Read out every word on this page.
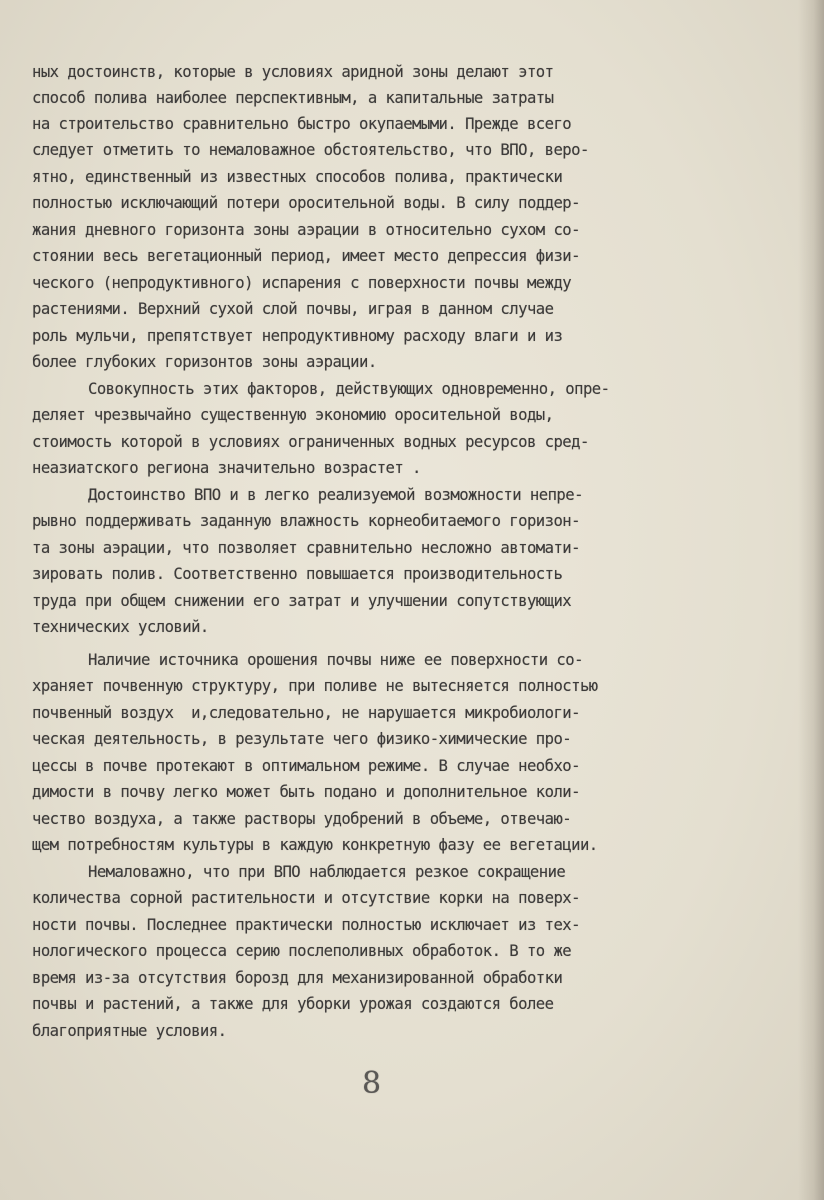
ных достоинств, которые в условиях аридной зоны делают этот
способ полива наиболее перспективным, а капитальные затраты
на строительство сравнительно быстро окупаемыми. Прежде всего
следует отметить то немаловажное обстоятельство, что ВПО, веро-
ятно, единственный из известных способов полива, практически
полностью исключающий потери оросительной воды. В силу поддер-
жания дневного горизонта зоны аэрации в относительно сухом со-
стоянии весь вегетационный период, имеет место депрессия физи-
ческого (непродуктивного) испарения с поверхности почвы между
растениями. Верхний сухой слой почвы, играя в данном случае
роль мульчи, препятствует непродуктивному расходу влаги и из
более глубоких горизонтов зоны аэрации.
Совокупность этих факторов, действующих одновременно, опре-
деляет чрезвычайно существенную экономию оросительной воды,
стоимость которой в условиях ограниченных водных ресурсов сред-
неазиатского региона значительно возрастет .
Достоинство ВПО и в легко реализуемой возможности непре-
рывно поддерживать заданную влажность корнеобитаемого горизон-
та зоны аэрации, что позволяет сравнительно несложно автомати-
зировать полив. Соответственно повышается производительность
труда при общем снижении его затрат и улучшении сопутствующих
технических условий.
Наличие источника орошения почвы ниже ее поверхности со-
храняет почвенную структуру, при поливе не вытесняется полностью
почвенный воздух  и,следовательно, не нарушается микробиологи-
ческая деятельность, в результате чего физико-химические про-
цессы в почве протекают в оптимальном режиме. В случае необхо-
димости в почву легко может быть подано и дополнительное коли-
чество воздуха, а также растворы удобрений в объеме, отвечаю-
щем потребностям культуры в каждую конкретную фазу ее вегетации.
Немаловажно, что при ВПО наблюдается резкое сокращение
количества сорной растительности и отсутствие корки на поверх-
ности почвы. Последнее практически полностью исключает из тех-
нологического процесса серию послеполивных обработок. В то же
время из-за отсутствия борозд для механизированной обработки
почвы и растений, а также для уборки урожая создаются более
благоприятные условия.
8
